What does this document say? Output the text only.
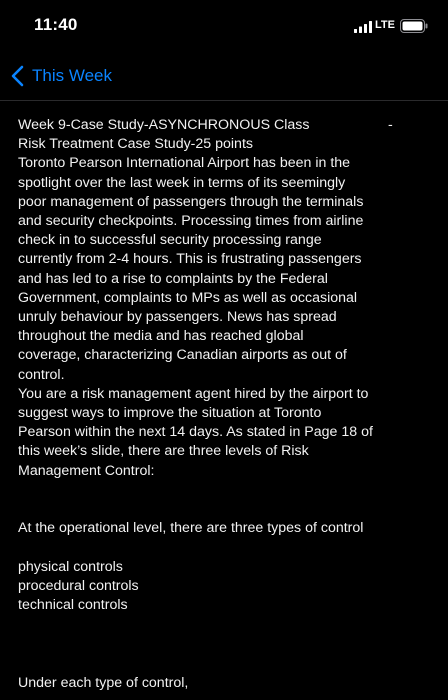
11:40	LTE
This Week
Week 9-Case Study-ASYNCHRONOUS Class	-
Risk Treatment Case Study-25 points
Toronto Pearson International Airport has been in the
spotlight over the last week in terms of its seemingly
poor management of passengers through the terminals
and security checkpoints. Processing times from airline
check in to successful security processing range
currently from 2-4 hours. This is frustrating passengers
and has led to a rise to complaints by the Federal
Government, complaints to MPs as well as occasional
unruly behaviour by passengers. News has spread
throughout the media and has reached global
coverage, characterizing Canadian airports as out of
control.
You are a risk management agent hired by the airport to
suggest ways to improve the situation at Toronto
Pearson within the next 14 days. As stated in Page 18 of
this week’s slide, there are three levels of Risk
Management Control:
At the operational level, there are three types of control
physical controls
procedural controls
technical controls
Under each type of control,
